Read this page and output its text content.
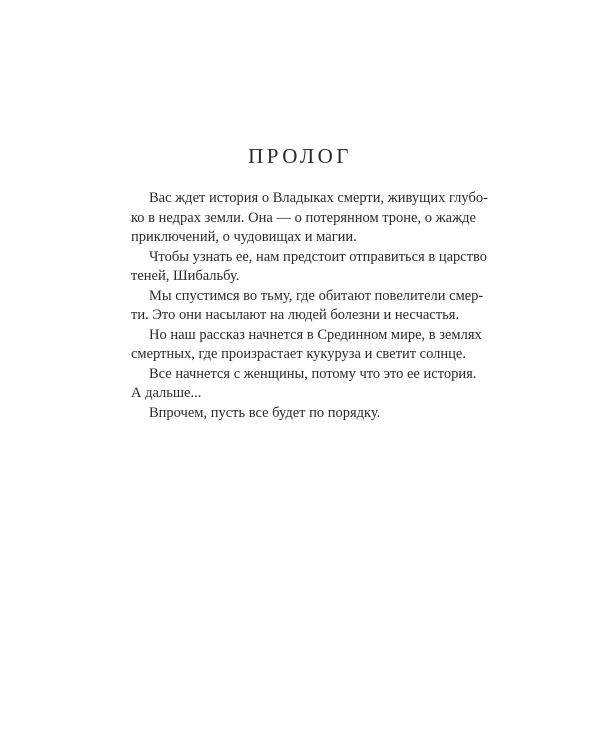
ПРОЛОГ
Вас ждет история о Владыках смерти, живущих глубо-
ко в недрах земли. Она — о потерянном троне, о жажде
приключений, о чудовищах и магии.
Чтобы узнать ее, нам предстоит отправиться в царство
теней, Шибальбу.
Мы спустимся во тьму, где обитают повелители смер-
ти. Это они насылают на людей болезни и несчастья.
Но наш рассказ начнется в Срединном мире, в землях
смертных, где произрастает кукуруза и светит солнце.
Все начнется с женщины, потому что это ее история.
А дальше...
Впрочем, пусть все будет по порядку.
